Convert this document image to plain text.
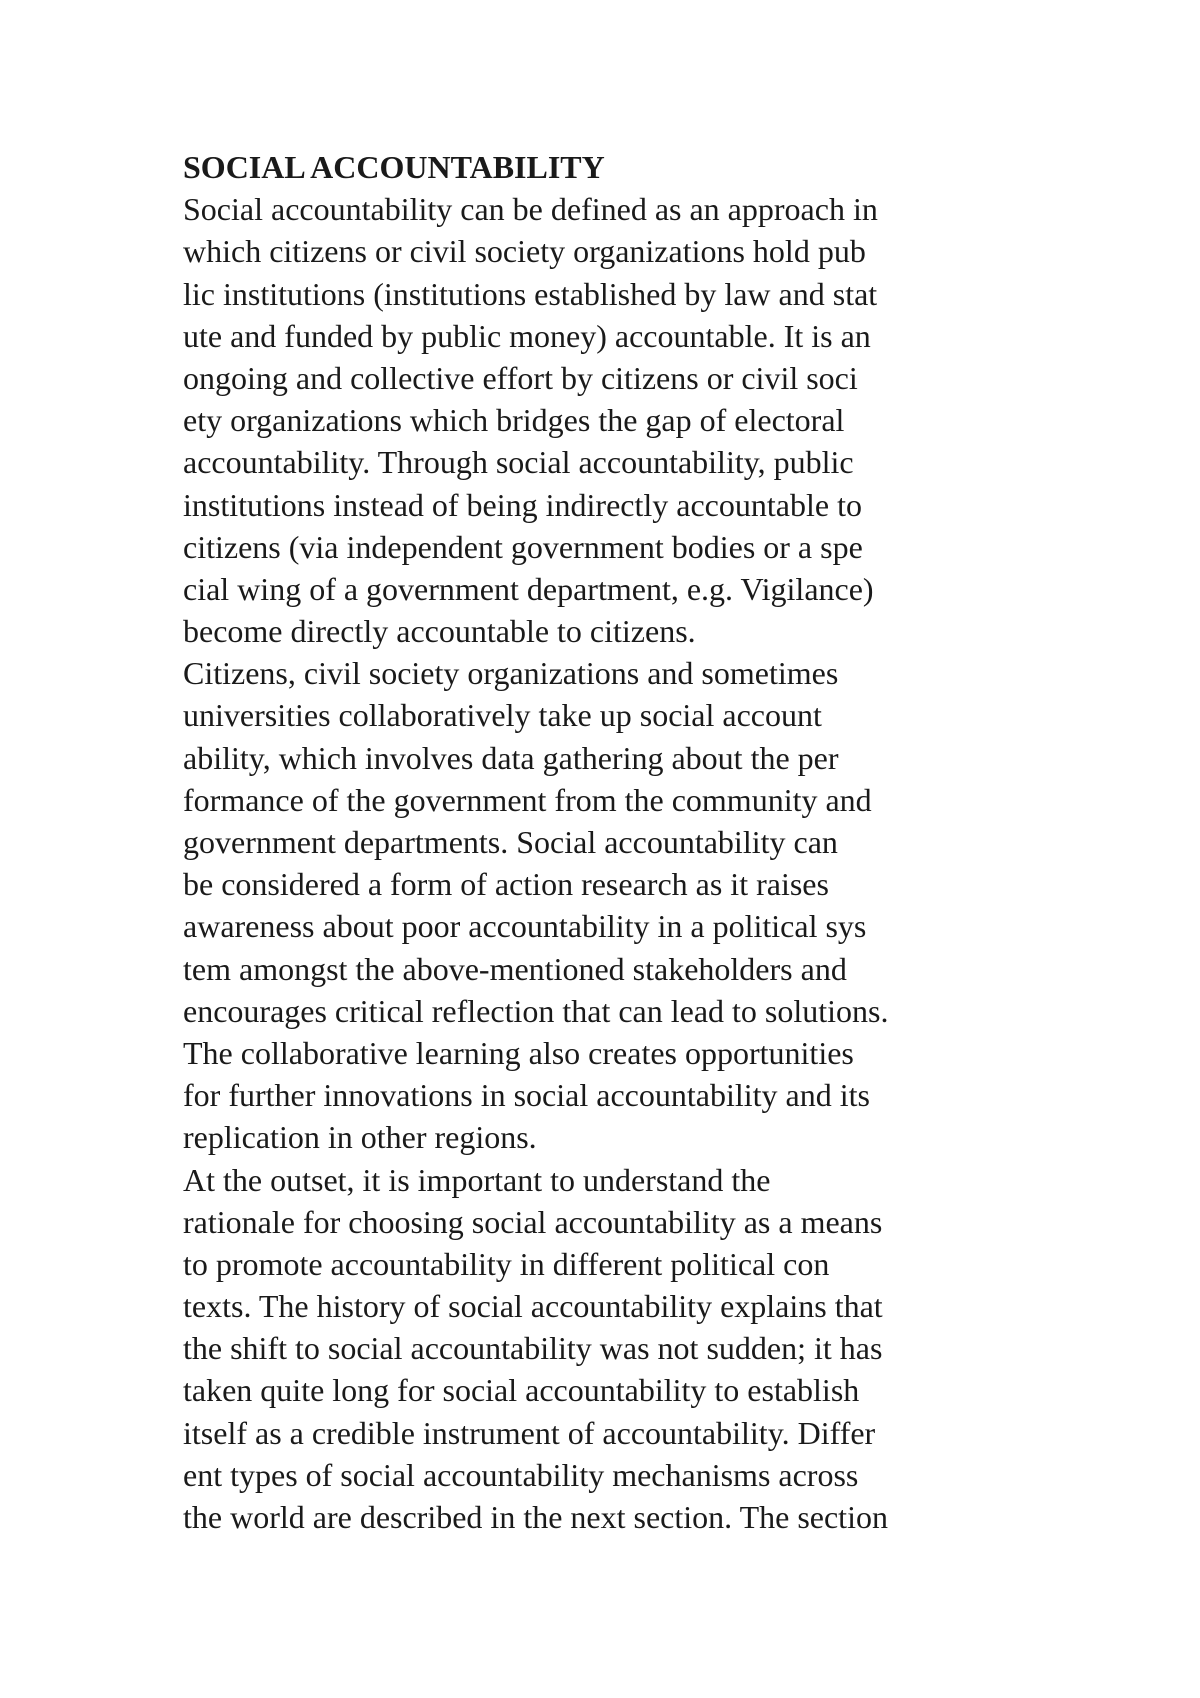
SOCIAL ACCOUNTABILITY
Social accountability can be defined as an approach in
which citizens or civil society organizations hold pub
lic institutions (institutions established by law and stat
ute and funded by public money) accountable. It is an
ongoing and collective effort by citizens or civil soci
ety organizations which bridges the gap of electoral
accountability. Through social accountability, public
institutions instead of being indirectly accountable to
citizens (via independent government bodies or a spe
cial wing of a government department, e.g. Vigilance)
become directly accountable to citizens.
Citizens, civil society organizations and sometimes
universities collaboratively take up social account
ability, which involves data gathering about the per
formance of the government from the community and
government departments. Social accountability can
be considered a form of action research as it raises
awareness about poor accountability in a political sys
tem amongst the above-mentioned stakeholders and
encourages critical reflection that can lead to solutions.
The collaborative learning also creates opportunities
for further innovations in social accountability and its
replication in other regions.
At the outset, it is important to understand the
rationale for choosing social accountability as a means
to promote accountability in different political con
texts. The history of social accountability explains that
the shift to social accountability was not sudden; it has
taken quite long for social accountability to establish
itself as a credible instrument of accountability. Differ
ent types of social accountability mechanisms across
the world are described in the next section. The section
